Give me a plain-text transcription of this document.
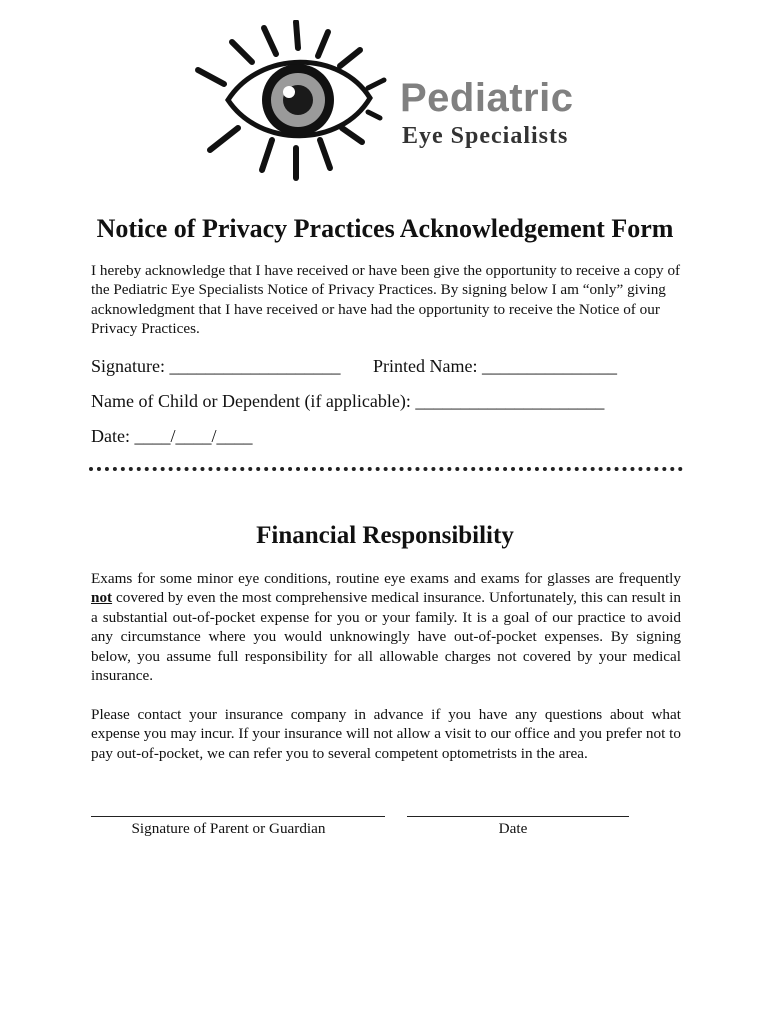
Pediatric
Eye Specialists
Notice of Privacy Practices Acknowledgement Form
I hereby acknowledge that I have received or have been give the opportunity to receive a copy of the Pediatric Eye Specialists Notice of Privacy Practices. By signing below I am “only” giving acknowledgment that I have received or have had the opportunity to receive the Notice of our Privacy Practices.
Signature: ___________________ Printed Name: _______________
Name of Child or Dependent (if applicable): _____________________
Date: ____/____/____
Financial Responsibility
Exams for some minor eye conditions, routine eye exams and exams for glasses are frequently not covered by even the most comprehensive medical insurance. Unfortunately, this can result in a substantial out-of-pocket expense for you or your family. It is a goal of our practice to avoid any circumstance where you would unknowingly have out-of-pocket expenses. By signing below, you assume full responsibility for all allowable charges not covered by your medical insurance.
Please contact your insurance company in advance if you have any questions about what expense you may incur. If your insurance will not allow a visit to our office and you prefer not to pay out-of-pocket, we can refer you to several competent optometrists in the area.
Signature of Parent or Guardian	Date
